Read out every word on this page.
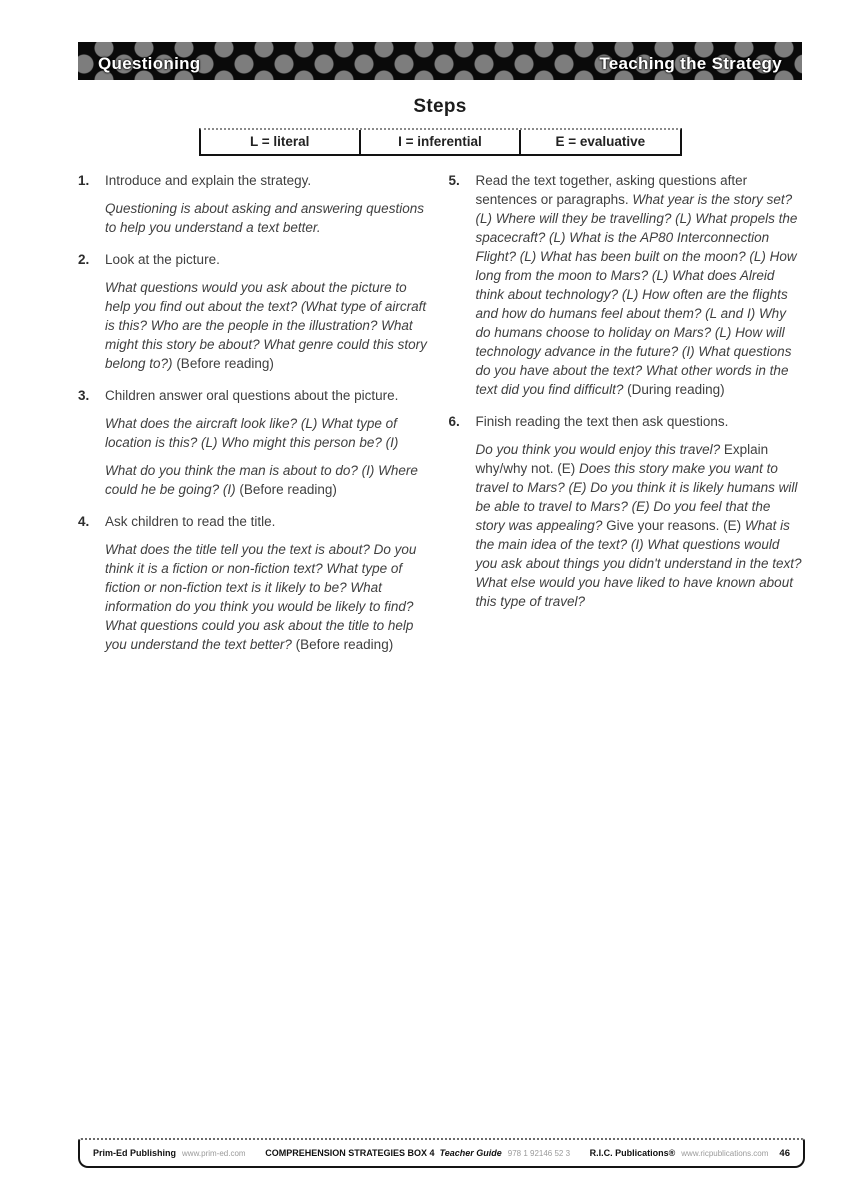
Questioning	Teaching the Strategy
Steps
L = literal	I = inferential	E = evaluative
1.	Introduce and explain the strategy.

Questioning is about asking and answering questions to help you understand a text better.

2.	Look at the picture.

What questions would you ask about the picture to help you find out about the text? (What type of aircraft is this? Who are the people in the illustration? What might this story be about? What genre could this story belong to?) (Before reading)

3.	Children answer oral questions about the picture.

What does the aircraft look like? (L) What type of location is this? (L) Who might this person be? (I)

What do you think the man is about to do? (I) Where could he be going? (I) (Before reading)

4.	Ask children to read the title.

What does the title tell you the text is about? Do you think it is a fiction or non-fiction text? What type of fiction or non-fiction text is it likely to be? What information do you think you would be likely to find? What questions could you ask about the title to help you understand the text better? (Before reading)

5.	Read the text together, asking questions after sentences or paragraphs. What year is the story set? (L) Where will they be travelling? (L) What propels the spacecraft? (L) What is the AP80 Interconnection Flight? (L) What has been built on the moon? (L) How long from the moon to Mars? (L) What does Alreid think about technology? (L) How often are the flights and how do humans feel about them? (L and I) Why do humans choose to holiday on Mars? (L) How will technology advance in the future? (I) What questions do you have about the text? What other words in the text did you find difficult? (During reading)

6.	Finish reading the text then ask questions.

Do you think you would enjoy this travel? Explain why/why not. (E) Does this story make you want to travel to Mars? (E) Do you think it is likely humans will be able to travel to Mars? (E) Do you feel that the story was appealing? Give your reasons. (E) What is the main idea of the text? (I) What questions would you ask about things you didn't understand in the text? What else would you have liked to have known about this type of travel?

Prim-Ed Publishing www.prim-ed.com COMPREHENSION STRATEGIES BOX 4 Teacher Guide 978 1 92146 52 3 R.I.C. Publications® www.ricpublications.com 46
